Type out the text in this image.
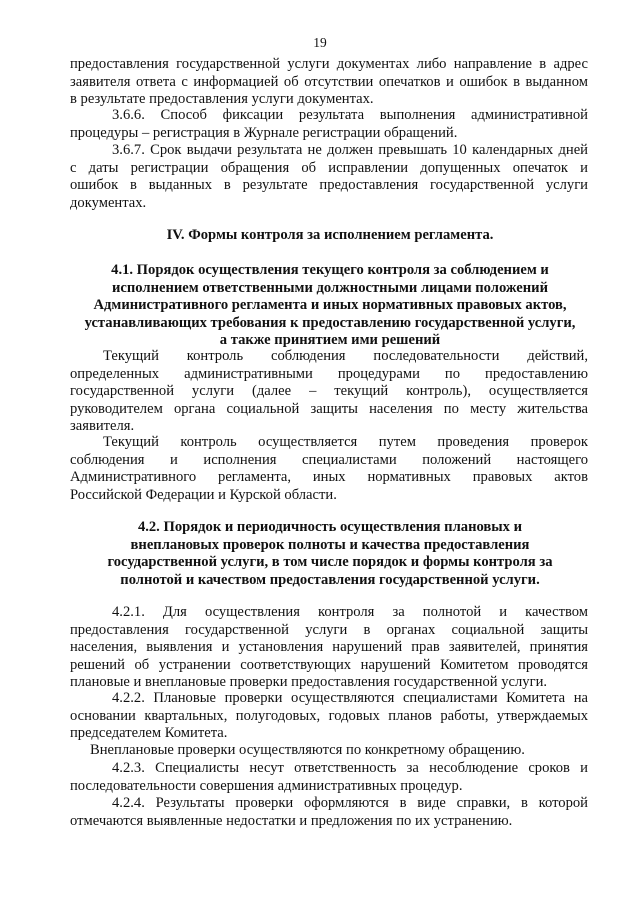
19
предоставления государственной услуги документах либо направление в адрес
заявителя ответа с информацией об отсутствии опечатков и ошибок в выданном
в результате предоставления услуги документах.
3.6.6. Способ фиксации результата выполнения административной
процедуры – регистрация в Журнале регистрации обращений.
3.6.7. Срок выдачи результата не должен превышать 10 календарных дней
с даты регистрации обращения об исправлении допущенных опечаток и
ошибок в выданных в результате предоставления государственной услуги
документах.
IV. Формы контроля за исполнением регламента.
4.1. Порядок осуществления текущего контроля за соблюдением и
исполнением ответственными должностными лицами положений
Административного регламента и иных нормативных правовых актов,
устанавливающих требования к предоставлению государственной услуги,
а также принятием ими решений
Текущий контроль соблюдения последовательности действий,
определенных административными процедурами по предоставлению
государственной услуги (далее – текущий контроль), осуществляется
руководителем органа социальной защиты населения по месту жительства
заявителя.
Текущий контроль осуществляется путем проведения проверок
соблюдения и исполнения специалистами положений настоящего
Административного регламента, иных нормативных правовых актов
Российской Федерации и Курской области.
4.2. Порядок и периодичность осуществления плановых и
внеплановых проверок полноты и качества предоставления
государственной услуги, в том числе порядок и формы контроля за
полнотой и качеством предоставления государственной услуги.
4.2.1. Для осуществления контроля за полнотой и качеством
предоставления государственной услуги в органах социальной защиты
населения, выявления и установления нарушений прав заявителей, принятия
решений об устранении соответствующих нарушений Комитетом проводятся
плановые и внеплановые проверки предоставления государственной услуги.
4.2.2. Плановые проверки осуществляются специалистами Комитета на
основании квартальных, полугодовых, годовых планов работы, утверждаемых
председателем Комитета.
Внеплановые проверки осуществляются по конкретному обращению.
4.2.3. Специалисты несут ответственность за несоблюдение сроков и
последовательности совершения административных процедур.
4.2.4. Результаты проверки оформляются в виде справки, в которой
отмечаются выявленные недостатки и предложения по их устранению.
